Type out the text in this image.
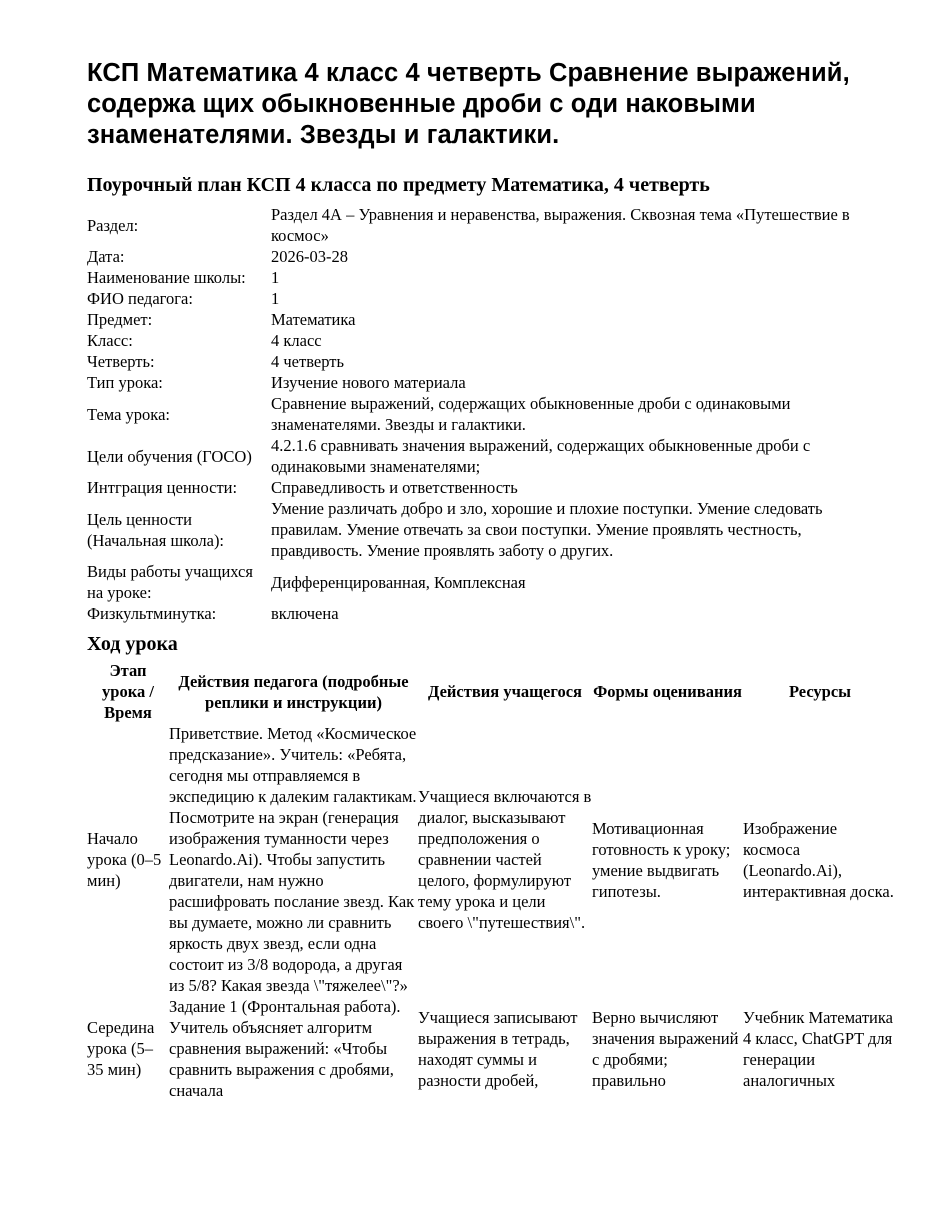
КСП Математика 4 класс 4 четверть Сравнение выражений, содержа щих обыкновенные дроби с оди наковыми знаменателями. Звезды и галактики.
Поурочный план КСП 4 класса по предмету Математика, 4 четверть
Раздел:	Раздел 4А – Уравнения и неравенства, выражения. Сквозная тема «Путешествие в космос»
Дата:	2026-03-28
Наименование школы:	1
ФИО педагога:	1
Предмет:	Математика
Класс:	4 класс
Четверть:	4 четверть
Тип урока:	Изучение нового материала
Тема урока:	Сравнение выражений, содержащих обыкновенные дроби с одинаковыми знаменателями. Звезды и галактики.
Цели обучения (ГОСО)	4.2.1.6 сравнивать значения выражений, содержащих обыкновенные дроби с одинаковыми знаменателями;
Интграция ценности:	Справедливость и ответственность
Цель ценности (Начальная школа):	Умение различать добро и зло, хорошие и плохие поступки. Умение следовать правилам. Умение отвечать за свои поступки. Умение проявлять честность, правдивость. Умение проявлять заботу о других.
Виды работы учащихся на уроке:	Дифференцированная, Комплексная
Физкультминутка:	включена
Ход урока
Этап урока / Время	Действия педагога (подробные реплики и инструкции)	Действия учащегося	Формы оценивания	Ресурсы
Начало урока (0–5 мин)	Приветствие. Метод «Космическое предсказание». Учитель: «Ребята, сегодня мы отправляемся в экспедицию к далеким галактикам. Посмотрите на экран (генерация изображения туманности через Leonardo.Ai). Чтобы запустить двигатели, нам нужно расшифровать послание звезд. Как вы думаете, можно ли сравнить яркость двух звезд, если одна состоит из 3/8 водорода, а другая из 5/8? Какая звезда \"тяжелее\"?»	Учащиеся включаются в диалог, высказывают предположения о сравнении частей целого, формулируют тему урока и цели своего \"путешествия\".	Мотивационная готовность к уроку; умение выдвигать гипотезы.	Изображение космоса (Leonardo.Ai), интерактивная доска.
Середина урока (5–35 мин)	Задание 1 (Фронтальная работа). Учитель объясняет алгоритм сравнения выражений: «Чтобы сравнить выражения с дробями, сначала	Учащиеся записывают выражения в тетрадь, находят суммы и разности дробей,	Верно вычисляют значения выражений с дробями; правильно	Учебник Математика 4 класс, ChatGPT для генерации аналогичных
